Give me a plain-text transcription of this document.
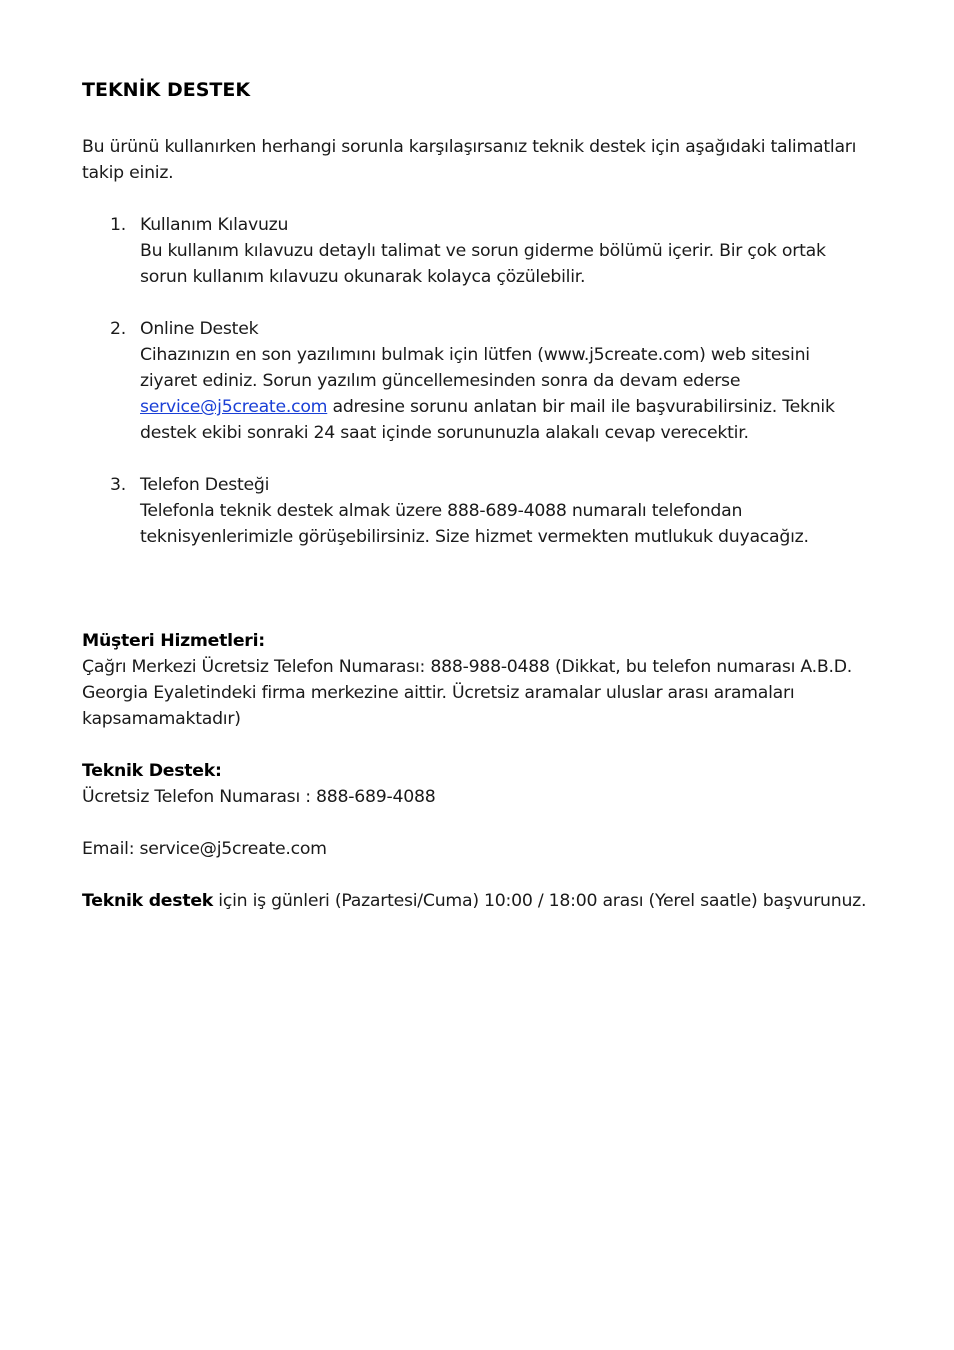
TEKNİK DESTEK

Bu ürünü kullanırken herhangi sorunla karşılaşırsanız teknik destek için aşağıdaki talimatları takip einiz.

1. Kullanım Kılavuzu

Bu kullanım kılavuzu detaylı talimat ve sorun giderme bölümü içerir. Bir çok ortak sorun kullanım kılavuzu okunarak kolayca çözülebilir.

2. Online Destek

Cihazınızın en son yazılımını bulmak için lütfen (www.j5create.com) web sitesini ziyaret ediniz. Sorun yazılım güncellemesinden sonra da devam ederse service@j5create.com adresine sorunu anlatan bir mail ile başvurabilirsiniz. Teknik destek ekibi sonraki 24 saat içinde sorununuzla alakalı cevap verecektir.

3. Telefon Desteği

Telefonla teknik destek almak üzere 888-689-4088 numaralı telefondan teknisyenlerimizle görüşebilirsiniz. Size hizmet vermekten mutlukuk duyacağız.

Müşteri Hizmetleri:

Çağrı Merkezi Ücretsiz Telefon Numarası: 888-988-0488 (Dikkat, bu telefon numarası A.B.D. Georgia Eyaletindeki firma merkezine aittir. Ücretsiz aramalar uluslar arası aramaları kapsamamaktadır)

Teknik Destek:

Ücretsiz Telefon Numarası : 888-689-4088

Email: service@j5create.com

Teknik destek için iş günleri (Pazartesi/Cuma) 10:00 / 18:00 arası (Yerel saatle) başvurunuz.
